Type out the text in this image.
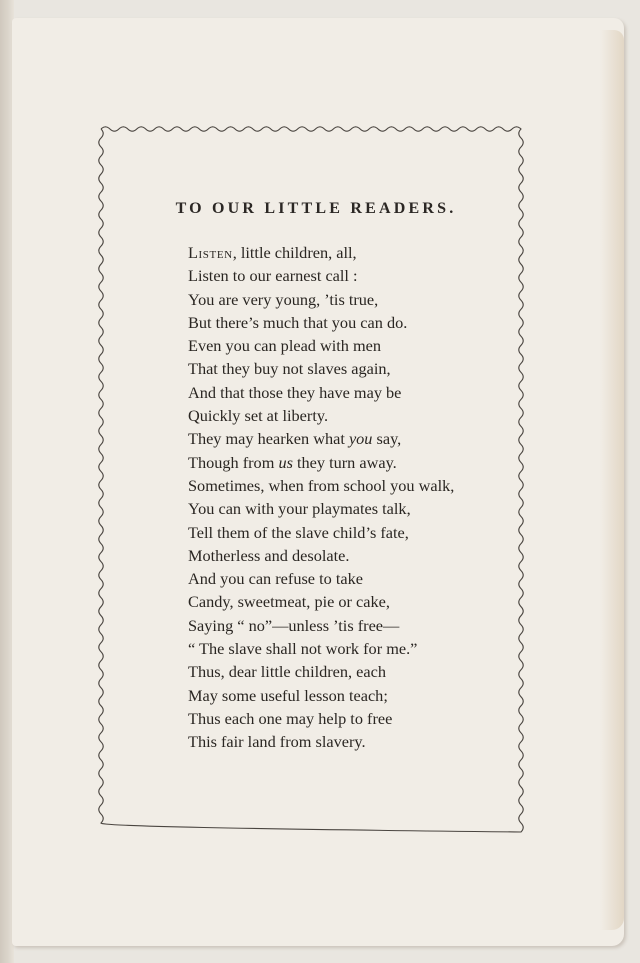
TO OUR LITTLE READERS.
Listen, little children, all,
Listen to our earnest call :
You are very young, ’tis true,
But there’s much that you can do.
Even you can plead with men
That they buy not slaves again,
And that those they have may be
Quickly set at liberty.
They may hearken what you say,
Though from us they turn away.
Sometimes, when from school you walk,
You can with your playmates talk,
Tell them of the slave child’s fate,
Motherless and desolate.
And you can refuse to take
Candy, sweetmeat, pie or cake,
Saying “ no”—unless ’tis free—
“ The slave shall not work for me.”
Thus, dear little children, each
May some useful lesson teach;
Thus each one may help to free
This fair land from slavery.
